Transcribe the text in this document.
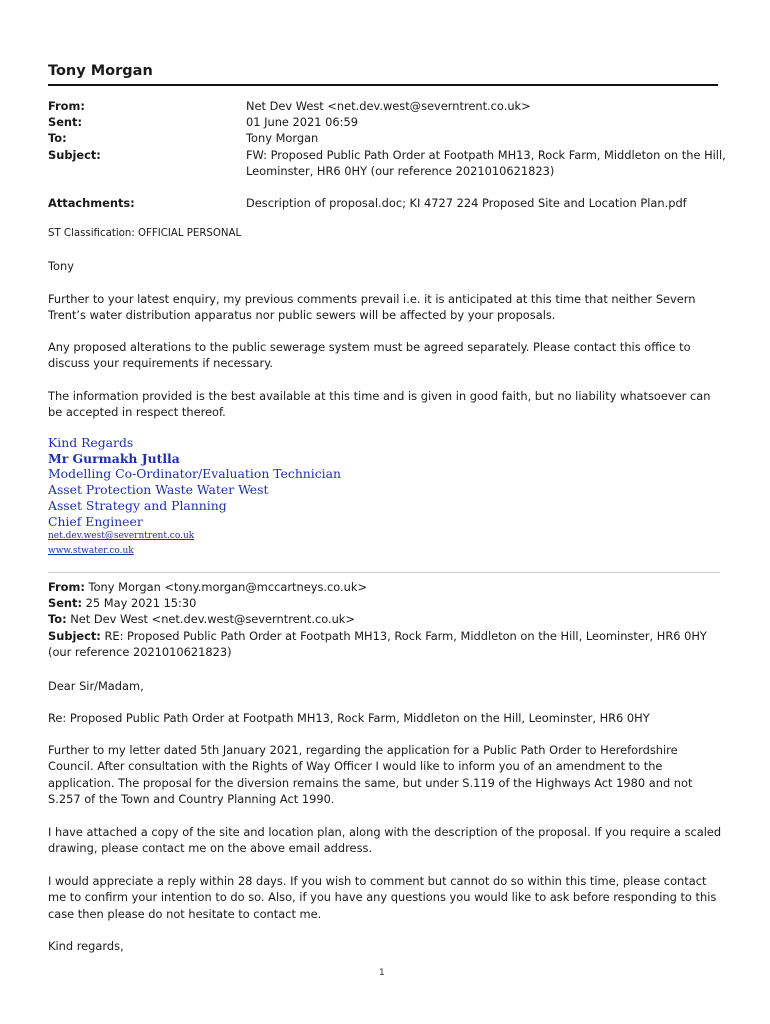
Tony Morgan
From:	Net Dev West <net.dev.west@severntrent.co.uk>
Sent:	01 June 2021 06:59
To:	Tony Morgan
Subject:	FW: Proposed Public Path Order at Footpath MH13, Rock Farm, Middleton on the Hill, Leominster, HR6 0HY (our reference 2021010621823)
Attachments:	Description of proposal.doc; KI 4727 224 Proposed Site and Location Plan.pdf

ST Classification: OFFICIAL PERSONAL

Tony

Further to your latest enquiry, my previous comments prevail i.e. it is anticipated at this time that neither Severn Trent’s water distribution apparatus nor public sewers will be affected by your proposals.

Any proposed alterations to the public sewerage system must be agreed separately. Please contact this office to discuss your requirements if necessary.

The information provided is the best available at this time and is given in good faith, but no liability whatsoever can be accepted in respect thereof.

Kind Regards
Mr Gurmakh Jutlla
Modelling Co-Ordinator/Evaluation Technician
Asset Protection Waste Water West
Asset Strategy and Planning
Chief Engineer
net.dev.west@severntrent.co.uk
www.stwater.co.uk
From: Tony Morgan <tony.morgan@mccartneys.co.uk>
Sent: 25 May 2021 15:30
To: Net Dev West <net.dev.west@severntrent.co.uk>
Subject: RE: Proposed Public Path Order at Footpath MH13, Rock Farm, Middleton on the Hill, Leominster, HR6 0HY (our reference 2021010621823)

Dear Sir/Madam,

Re: Proposed Public Path Order at Footpath MH13, Rock Farm, Middleton on the Hill, Leominster, HR6 0HY

Further to my letter dated 5th January 2021, regarding the application for a Public Path Order to Herefordshire Council. After consultation with the Rights of Way Officer I would like to inform you of an amendment to the application. The proposal for the diversion remains the same, but under S.119 of the Highways Act 1980 and not S.257 of the Town and Country Planning Act 1990.

I have attached a copy of the site and location plan, along with the description of the proposal. If you require a scaled drawing, please contact me on the above email address.

I would appreciate a reply within 28 days. If you wish to comment but cannot do so within this time, please contact me to confirm your intention to do so. Also, if you have any questions you would like to ask before responding to this case then please do not hesitate to contact me.

Kind regards,

1
